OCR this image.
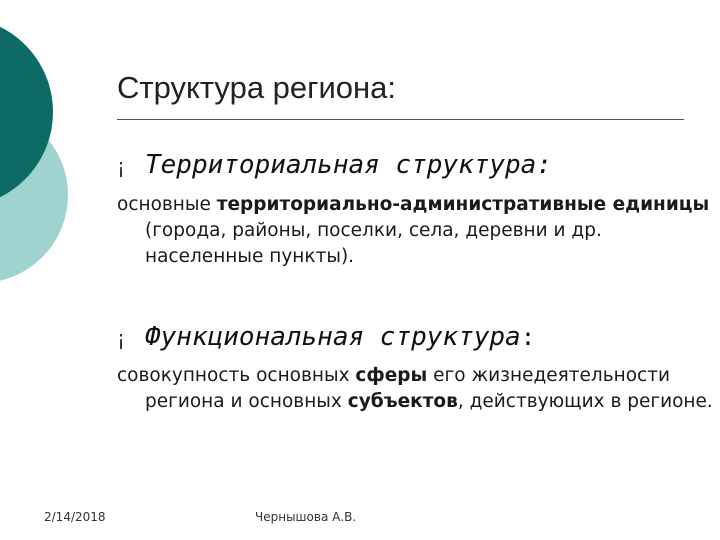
Структура региона:
¡ Территориальная структура:

основные территориально-административные единицы (города, районы, поселки, села, деревни и др. населенные пункты).

¡ Функциональная структура :

совокупность основных сферы его жизнедеятельности региона и основных субъектов, действующих в регионе.

2/14/2018	Чернышова А.В.
